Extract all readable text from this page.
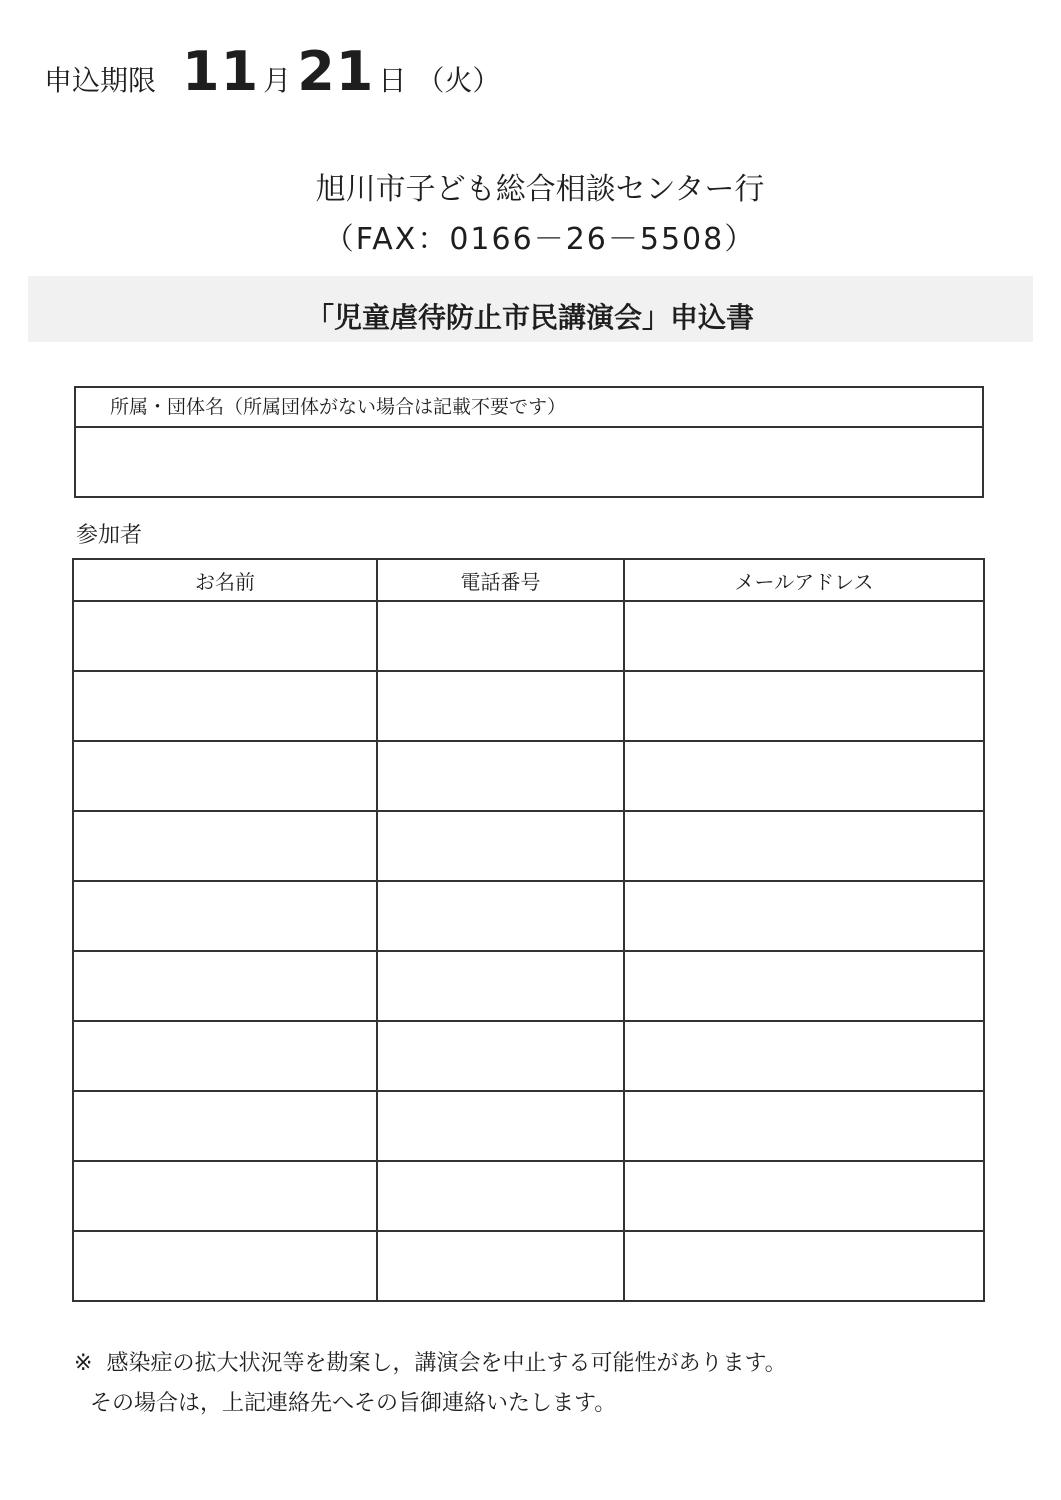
申込期限 11 月 21 日 （火）
旭川市子ども総合相談センター行
（FAX：0166－26－5508）
「児童虐待防止市民講演会」申込書
所属・団体名（所属団体がない場合は記載不要です）
参加者
お名前	電話番号	メールアドレス

※ 感染症の拡大状況等を勘案し，講演会を中止する可能性があります。
その場合は，上記連絡先へその旨御連絡いたします。
